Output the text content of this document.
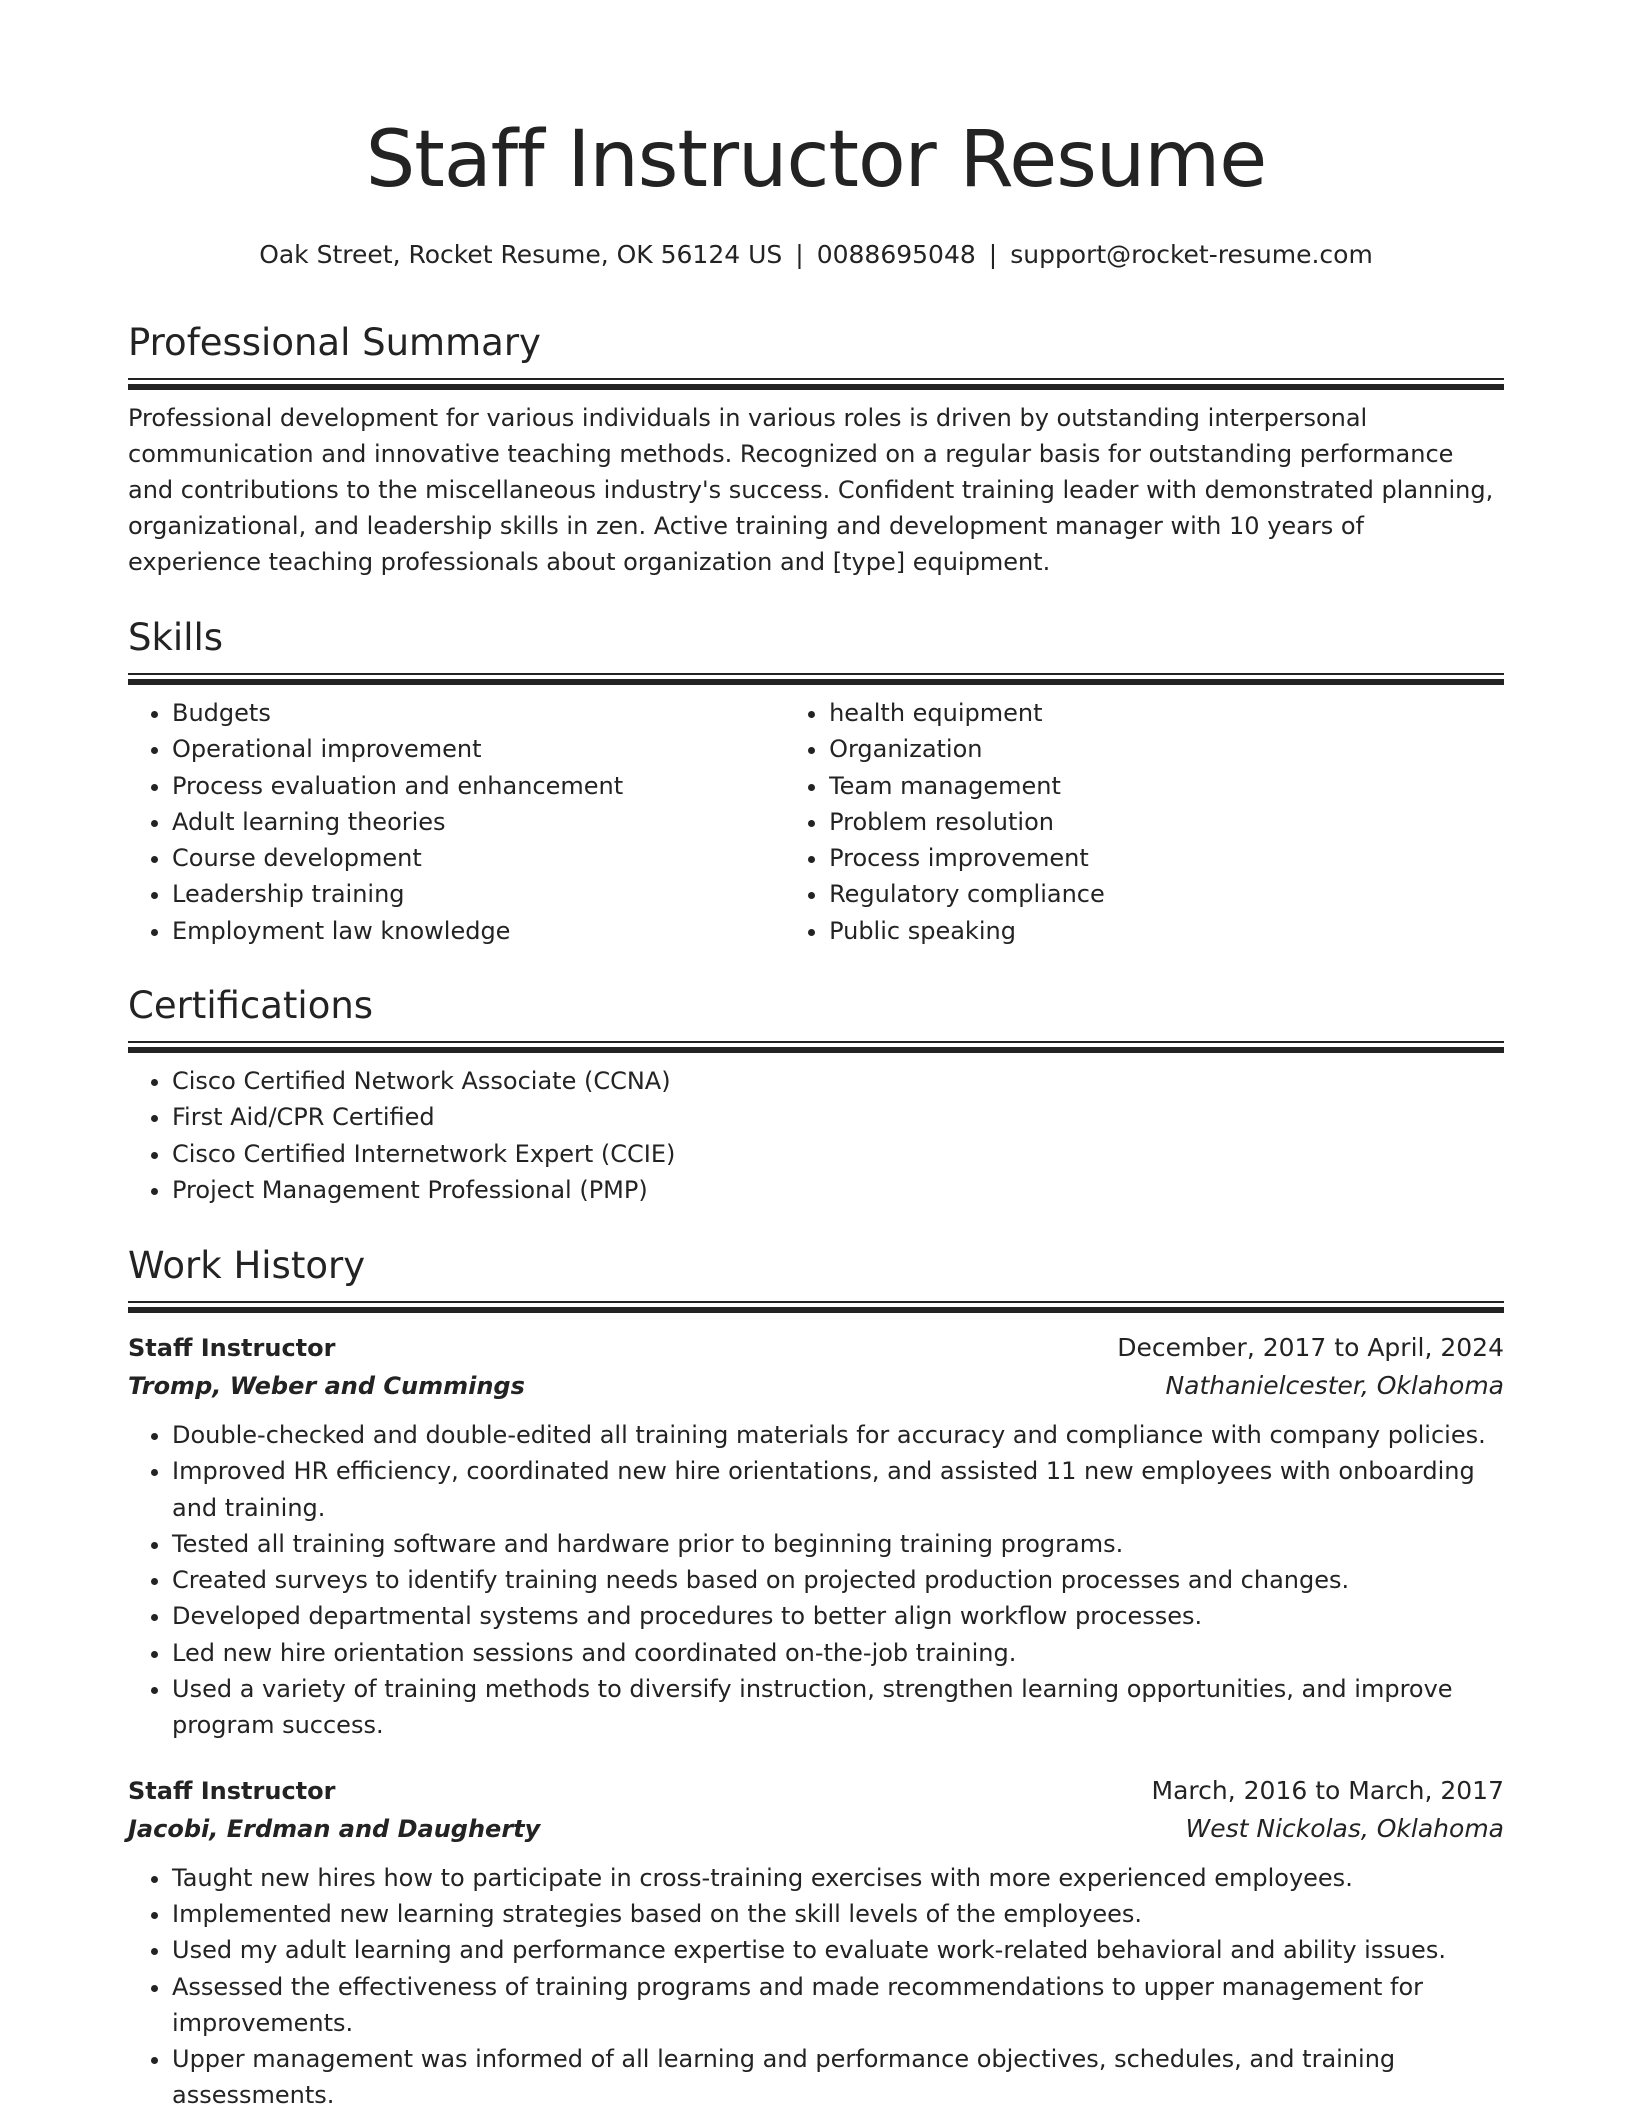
Staff Instructor Resume
Oak Street, Rocket Resume, OK 56124 US | 0088695048 | support@rocket-resume.com
Professional Summary

Professional development for various individuals in various roles is driven by outstanding interpersonal communication and innovative teaching methods. Recognized on a regular basis for outstanding performance and contributions to the miscellaneous industry's success. Confident training leader with demonstrated planning, organizational, and leadership skills in zen. Active training and development manager with 10 years of experience teaching professionals about organization and [type] equipment.

Skills
• Budgets
• Operational improvement
• Process evaluation and enhancement
• Adult learning theories
• Course development
• Leadership training
• Employment law knowledge
• health equipment
• Organization
• Team management
• Problem resolution
• Process improvement
• Regulatory compliance
• Public speaking
Certifications
• Cisco Certified Network Associate (CCNA)
• First Aid/CPR Certified
• Cisco Certified Internetwork Expert (CCIE)
• Project Management Professional (PMP)
Work History
Staff Instructor	December, 2017 to April, 2024
Tromp, Weber and Cummings	Nathanielcester, Oklahoma
• Double-checked and double-edited all training materials for accuracy and compliance with company policies.
• Improved HR efficiency, coordinated new hire orientations, and assisted 11 new employees with onboarding and training.
• Tested all training software and hardware prior to beginning training programs.
• Created surveys to identify training needs based on projected production processes and changes.
• Developed departmental systems and procedures to better align workflow processes.
• Led new hire orientation sessions and coordinated on-the-job training.
• Used a variety of training methods to diversify instruction, strengthen learning opportunities, and improve program success.
Staff Instructor	March, 2016 to March, 2017
Jacobi, Erdman and Daugherty	West Nickolas, Oklahoma
• Taught new hires how to participate in cross-training exercises with more experienced employees.
• Implemented new learning strategies based on the skill levels of the employees.
• Used my adult learning and performance expertise to evaluate work-related behavioral and ability issues.
• Assessed the effectiveness of training programs and made recommendations to upper management for improvements.
• Upper management was informed of all learning and performance objectives, schedules, and training assessments.
